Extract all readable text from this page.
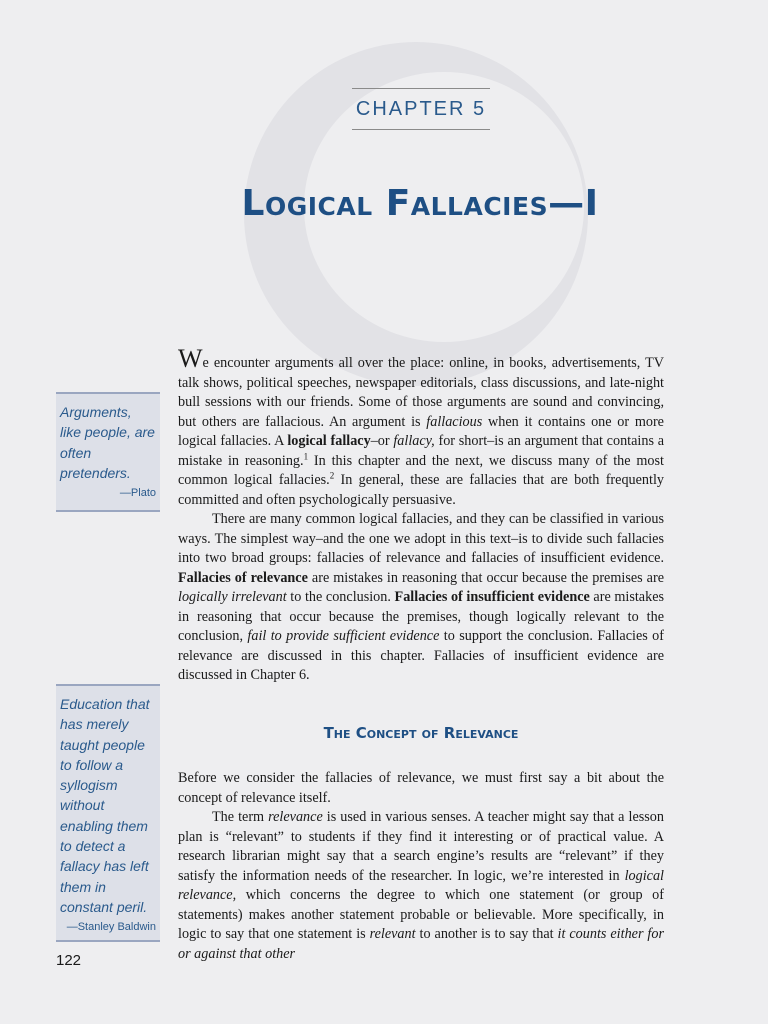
CHAPTER 5
Logical Fallacies—I
Arguments, like people, are often pretenders.
—Plato
Education that has merely taught people to follow a syllogism without enabling them to detect a fallacy has left them in constant peril.
—Stanley Baldwin

We encounter arguments all over the place: online, in books, advertisements, TV talk shows, political speeches, newspaper editorials, class discussions, and late-night bull sessions with our friends. Some of those arguments are sound and convincing, but others are fallacious. An argument is fallacious when it contains one or more logical fallacies. A logical fallacy–or fallacy, for short–is an argument that contains a mistake in reasoning.$^1$ In this chapter and the next, we discuss many of the most common logical fallacies.$^2$ In general, these are fallacies that are both frequently committed and often psychologically persuasive.

There are many common logical fallacies, and they can be classified in various ways. The simplest way–and the one we adopt in this text–is to divide such fallacies into two broad groups: fallacies of relevance and fallacies of insufficient evidence. Fallacies of relevance are mistakes in reasoning that occur because the premises are logically irrelevant to the conclusion. Fallacies of insufficient evidence are mistakes in reasoning that occur because the premises, though logically relevant to the conclusion, fail to provide sufficient evidence to support the conclusion. Fallacies of relevance are discussed in this chapter. Fallacies of insufficient evidence are discussed in Chapter 6.

The Concept of Relevance

Before we consider the fallacies of relevance, we must first say a bit about the concept of relevance itself.

The term relevance is used in various senses. A teacher might say that a lesson plan is “relevant” to students if they find it interesting or of practical value. A research librarian might say that a search engine’s results are “relevant” if they satisfy the information needs of the researcher. In logic, we’re interested in logical relevance, which concerns the degree to which one statement (or group of statements) makes another statement probable or believable. More specifically, in logic to say that one statement is relevant to another is to say that it counts either for or against that other

122
